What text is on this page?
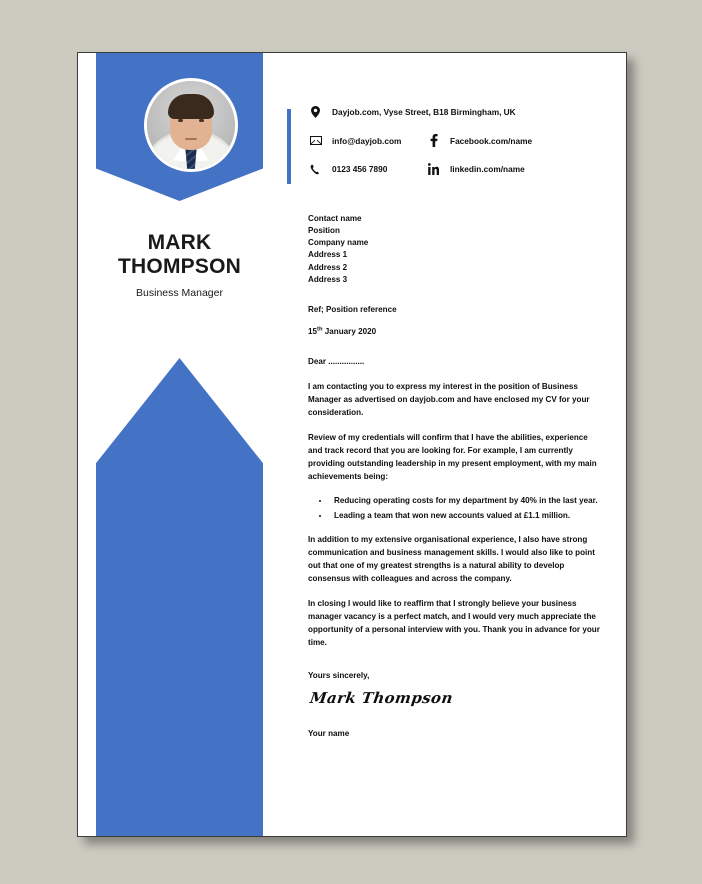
MARK
THOMPSON
Business Manager
Dayjob.com, Vyse Street, B18 Birmingham, UK
info@dayjob.com	Facebook.com/name
0123 456 7890	linkedin.com/name
Contact name
Position
Company name
Address 1
Address 2
Address 3
Ref; Position reference
15th January 2020
Dear ................

I am contacting you to express my interest in the position of Business Manager as advertised on dayjob.com and have enclosed my CV for your consideration.

Review of my credentials will confirm that I have the abilities, experience and track record that you are looking for. For example, I am currently providing outstanding leadership in my present employment, with my main achievements being:

• Reducing operating costs for my department by 40% in the last year.
• Leading a team that won new accounts valued at £1.1 million.

In addition to my extensive organisational experience, I also have strong communication and business management skills. I would also like to point out that one of my greatest strengths is a natural ability to develop consensus with colleagues and across the company.

In closing I would like to reaffirm that I strongly believe your business manager vacancy is a perfect match, and I would very much appreciate the opportunity of a personal interview with you. Thank you in advance for your time.

Yours sincerely,
Mark Thompson
Your name
